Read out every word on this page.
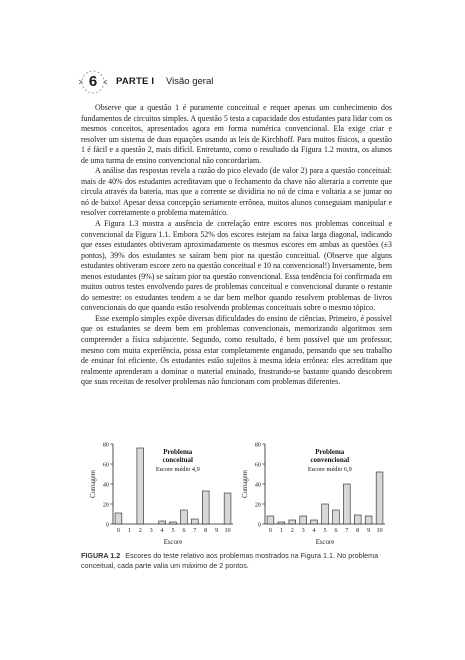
6	PARTE I Visão geral

Observe que a questão 1 é puramente conceitual e requer apenas um conhecimento dos fundamentos de circuitos simples. A questão 5 testa a capacidade dos estudantes para lidar com os mesmos conceitos, apresentados agora em forma numérica convencional. Ela exige criar e resolver um sistema de duas equações usando as leis de Kirchhoff. Para muitos físicos, a questão 1 é fácil e a questão 2, mais difícil. Entretanto, como o resultado da Figura 1.2 mostra, os alunos de uma turma de ensino convencional não concordariam.

A análise das respostas revela a razão do pico elevado (de valor 2) para a questão conceitual: mais de 40% dos estudantes acreditavam que o fechamento da chave não alteraria a corrente que circula através da bateria, mas que a corrente se dividiria no nó de cima e voltaria a se juntar no nó de baixo! Apesar dessa concepção seriamente errônea, muitos alunos conseguiam manipular e resolver corretamente o problema matemático.

A Figura 1.3 mostra a ausência de correlação entre escores nos problemas conceitual e convencional da Figura 1.1. Embora 52% dos escores estejam na faixa larga diagonal, indicando que esses estudantes obtiveram aproximadamente os mesmos escores em ambas as questões (±3 pontos), 39% dos estudantes se saíram bem pior na questão conceitual. (Observe que alguns estudantes obtiveram escore zero na questão conceitual e 10 na convencional!) Inversamente, bem menos estudantes (9%) se saíram pior na questão convencional. Essa tendência foi confirmada em muitos outros testes envolvendo pares de problemas conceitual e convencional durante o restante do semestre: os estudantes tendem a se dar bem melhor quando resolvem problemas de livros convencionais do que quando estão resolvendo problemas conceituais sobre o mesmo tópico.

Esse exemplo simples expõe diversas dificuldades do ensino de ciências. Primeiro, é possível que os estudantes se deem bem em problemas convencionais, memorizando algoritmos sem compreender a física subjacente. Segundo, como resultado, é bem possível que um professor, mesmo com muita experiência, possa estar completamente enganado, pensando que seu trabalho de ensinar foi eficiente. Os estudantes estão sujeitos à mesma ideia errônea: eles acreditam que realmente aprenderam a dominar o material ensinado, frustrando-se bastante quando descobrem que suas receitas de resolver problemas não funcionam com problemas diferentes.

0
20
40
60
80
0 1 2 3 4 5 6 7 8 9 10
Escore
Contagem
Problema conceitual
Escore médio 4,9
0
20
40
60
80
0 1 2 3 4 5 6 7 8 9 10
Escore
Contagem
Problema convencional
Escore médio 6,9
FIGURA 1.2 Escores do teste relativo aos problemas mostrados na Figura 1.1. No problema conceitual, cada parte valia um máximo de 2 pontos.
